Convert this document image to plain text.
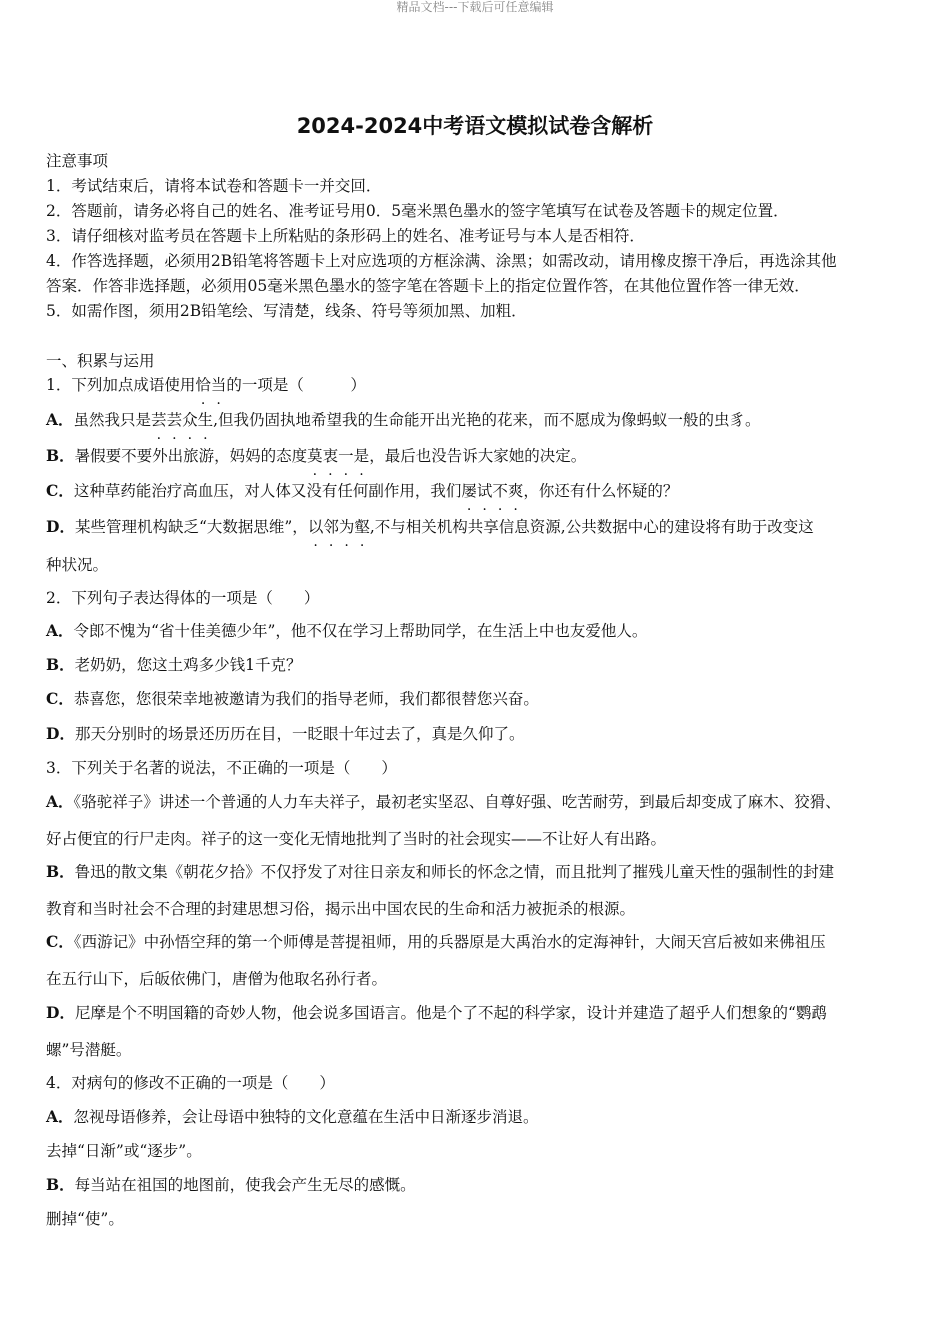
精品文档---下载后可任意编辑
2024-2024中考语文模拟试卷含解析
注意事项
1．考试结束后，请将本试卷和答题卡一并交回．
2．答题前，请务必将自己的姓名、准考证号用0．5毫米黑色墨水的签字笔填写在试卷及答题卡的规定位置．
3．请仔细核对监考员在答题卡上所粘贴的条形码上的姓名、准考证号与本人是否相符．
4．作答选择题，必须用2B铅笔将答题卡上对应选项的方框涂满、涂黑；如需改动，请用橡皮擦干净后，再选涂其他
答案．作答非选择题，必须用05毫米黑色墨水的签字笔在答题卡上的指定位置作答，在其他位置作答一律无效．
5．如需作图，须用2B铅笔绘、写清楚，线条、符号等须加黑、加粗．
一、积累与运用
1．下列加点成语使用恰当的一项是（　　　）
A．虽然我只是芸芸众生,但我仍固执地希望我的生命能开出光艳的花来，而不愿成为像蚂蚁一般的虫豸。
B．暑假要不要外出旅游，妈妈的态度莫衷一是，最后也没告诉大家她的决定。
C．这种草药能治疗高血压，对人体又没有任何副作用，我们屡试不爽，你还有什么怀疑的？
D．某些管理机构缺乏“大数据思维”，以邻为壑,不与相关机构共享信息资源,公共数据中心的建设将有助于改变这
种状况。
2．下列句子表达得体的一项是（　　）
A．令郎不愧为“省十佳美德少年”，他不仅在学习上帮助同学，在生活上中也友爱他人。
B．老奶奶，您这土鸡多少钱1千克？
C．恭喜您，您很荣幸地被邀请为我们的指导老师，我们都很替您兴奋。
D．那天分别时的场景还历历在目，一眨眼十年过去了，真是久仰了。
3．下列关于名著的说法，不正确的一项是（　　）
A．《骆驼祥子》讲述一个普通的人力车夫祥子，最初老实坚忍、自尊好强、吃苦耐劳，到最后却变成了麻木、狡猾、
好占便宜的行尸走肉。祥子的这一变化无情地批判了当时的社会现实——不让好人有出路。
B．鲁迅的散文集《朝花夕拾》不仅抒发了对往日亲友和师长的怀念之情，而且批判了摧残儿童天性的强制性的封建
教育和当时社会不合理的封建思想习俗，揭示出中国农民的生命和活力被扼杀的根源。
C．《西游记》中孙悟空拜的第一个师傅是菩提祖师，用的兵器原是大禹治水的定海神针，大闹天宫后被如来佛祖压
在五行山下，后皈依佛门，唐僧为他取名孙行者。
D．尼摩是个不明国籍的奇妙人物，他会说多国语言。他是个了不起的科学家，设计并建造了超乎人们想象的“鹦鹉
螺”号潜艇。
4．对病句的修改不正确的一项是（　　）
A．忽视母语修养，会让母语中独特的文化意蕴在生活中日渐逐步消退。
去掉“日渐”或“逐步”。
B．每当站在祖国的地图前，使我会产生无尽的感慨。
删掉“使”。
